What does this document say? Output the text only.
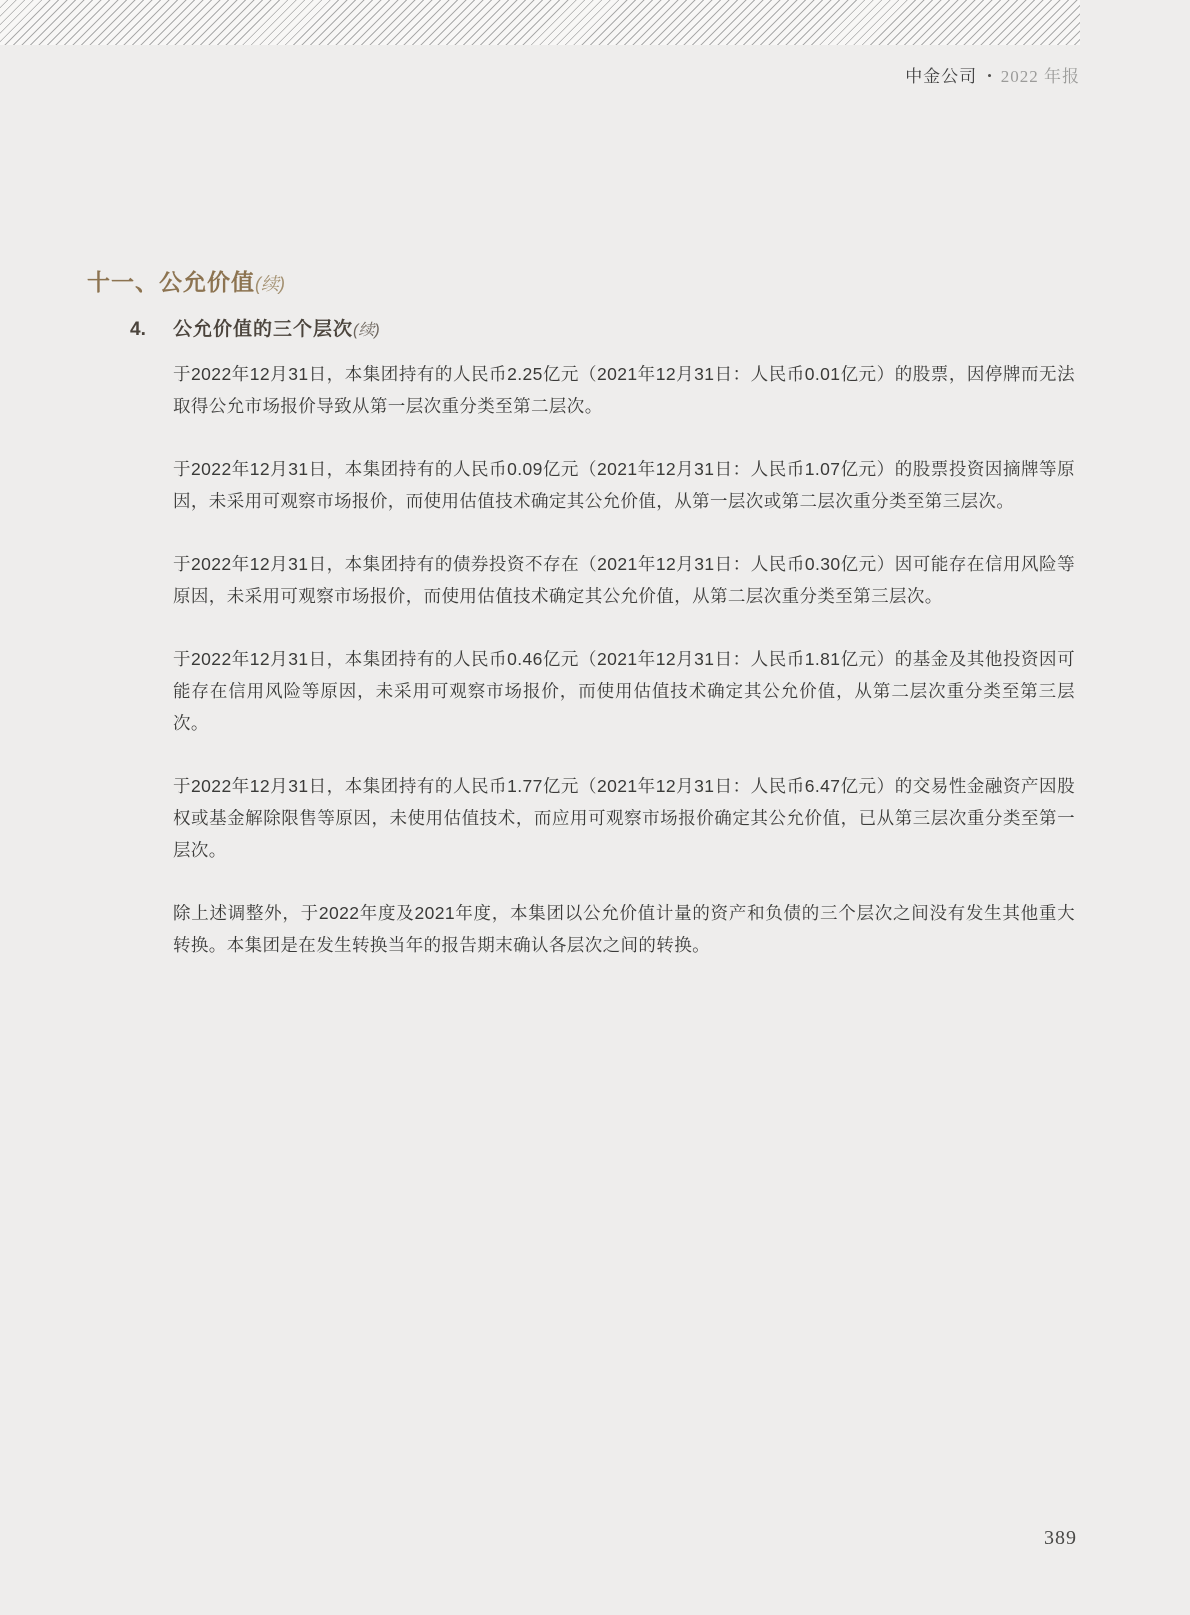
中金公司 • 2022 年报
十一、公允价值(续)
4. 公允价值的三个层次(续)

于2022年12月31日，本集团持有的人民币2.25亿元（2021年12月31日：人民币0.01亿元）的股票，因停牌而无法取得公允市场报价导致从第一层次重分类至第二层次。

于2022年12月31日，本集团持有的人民币0.09亿元（2021年12月31日：人民币1.07亿元）的股票投资因摘牌等原因，未采用可观察市场报价，而使用估值技术确定其公允价值，从第一层次或第二层次重分类至第三层次。

于2022年12月31日，本集团持有的债券投资不存在（2021年12月31日：人民币0.30亿元）因可能存在信用风险等原因，未采用可观察市场报价，而使用估值技术确定其公允价值，从第二层次重分类至第三层次。

于2022年12月31日，本集团持有的人民币0.46亿元（2021年12月31日：人民币1.81亿元）的基金及其他投资因可能存在信用风险等原因，未采用可观察市场报价，而使用估值技术确定其公允价值，从第二层次重分类至第三层次。

于2022年12月31日，本集团持有的人民币1.77亿元（2021年12月31日：人民币6.47亿元）的交易性金融资产因股权或基金解除限售等原因，未使用估值技术，而应用可观察市场报价确定其公允价值，已从第三层次重分类至第一层次。

除上述调整外，于2022年度及2021年度，本集团以公允价值计量的资产和负债的三个层次之间没有发生其他重大转换。本集团是在发生转换当年的报告期末确认各层次之间的转换。

389
